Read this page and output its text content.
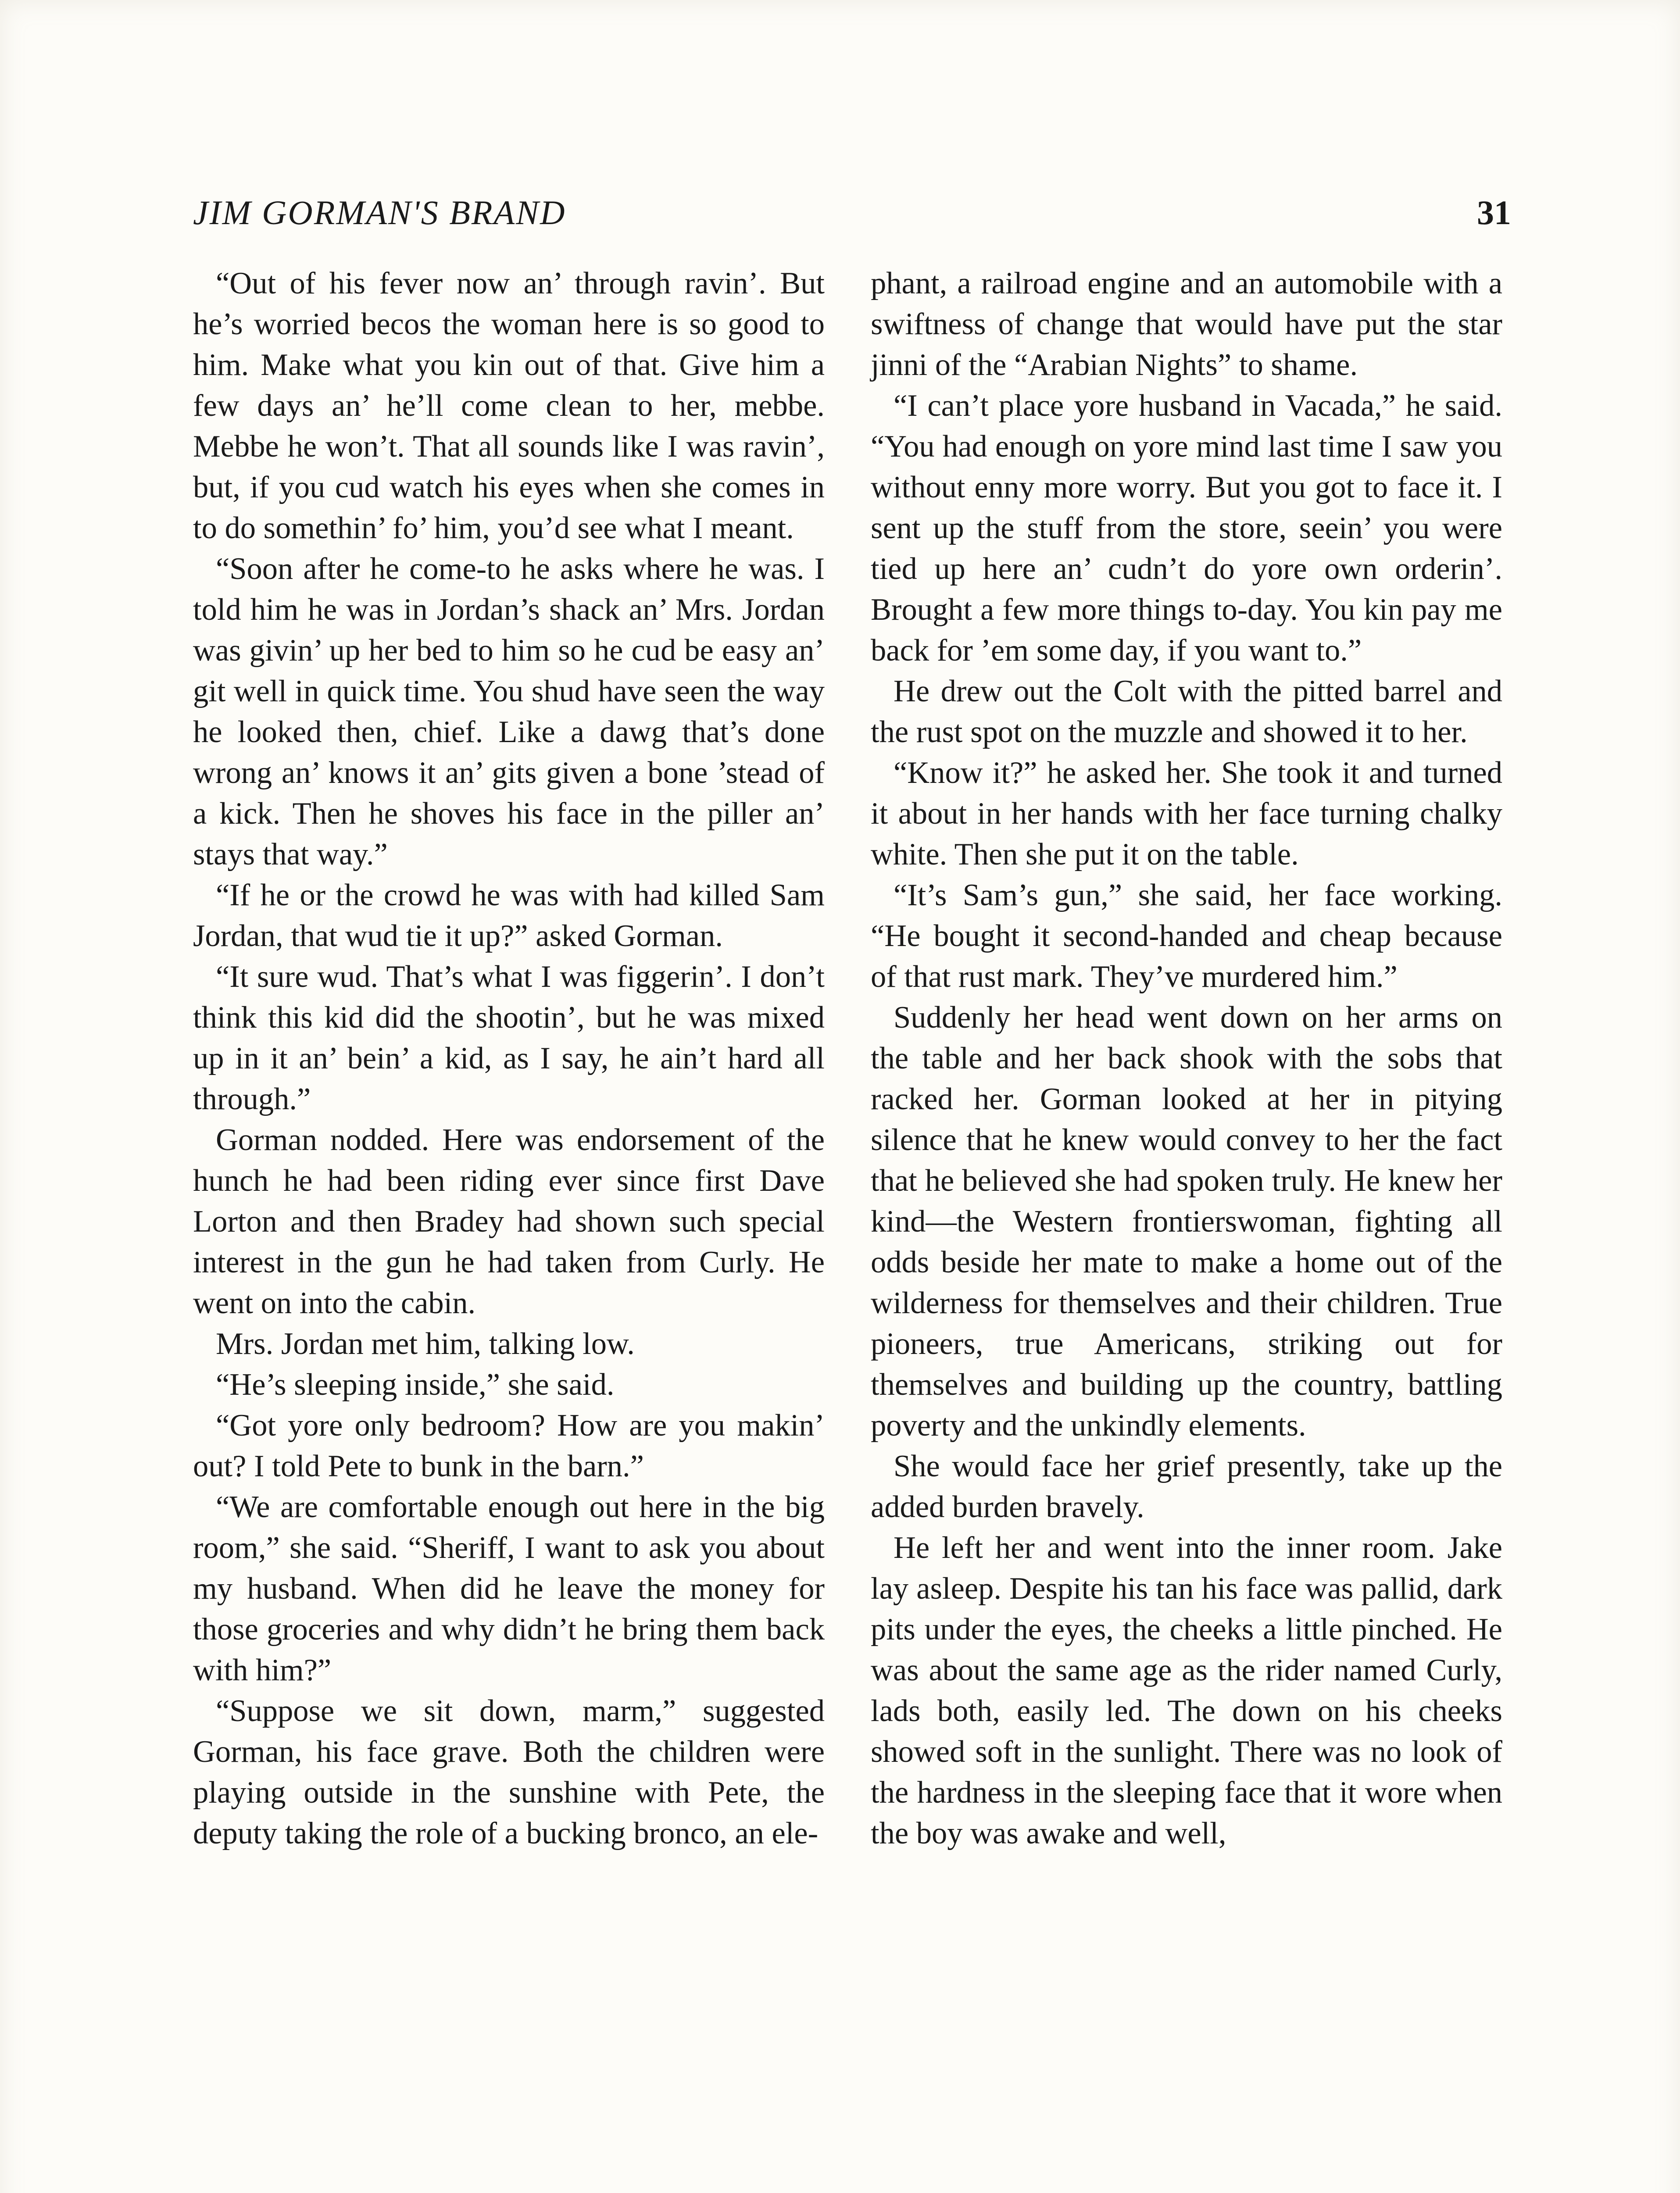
JIM GORMAN'S BRAND	31

“Out of his fever now an’ through ravin’. But he’s worried becos the woman here is so good to him. Make what you kin out of that. Give him a few days an’ he’ll come clean to her, mebbe. Mebbe he won’t. That all sounds like I was ravin’, but, if you cud watch his eyes when she comes in to do somethin’ fo’ him, you’d see what I meant.

“Soon after he come-to he asks where he was. I told him he was in Jordan’s shack an’ Mrs. Jordan was givin’ up her bed to him so he cud be easy an’ git well in quick time. You shud have seen the way he looked then, chief. Like a dawg that’s done wrong an’ knows it an’ gits given a bone ’stead of a kick. Then he shoves his face in the piller an’ stays that way.”

“If he or the crowd he was with had killed Sam Jordan, that wud tie it up?” asked Gorman.

“It sure wud. That’s what I was figgerin’. I don’t think this kid did the shootin’, but he was mixed up in it an’ bein’ a kid, as I say, he ain’t hard all through.”

Gorman nodded. Here was endorsement of the hunch he had been riding ever since first Dave Lorton and then Bradey had shown such special interest in the gun he had taken from Curly. He went on into the cabin.

Mrs. Jordan met him, talking low.

“He’s sleeping inside,” she said.

“Got yore only bedroom? How are you makin’ out? I told Pete to bunk in the barn.”

“We are comfortable enough out here in the big room,” she said. “Sheriff, I want to ask you about my husband. When did he leave the money for those groceries and why didn’t he bring them back with him?”

“Suppose we sit down, marm,” suggested Gorman, his face grave. Both the children were playing outside in the sunshine with Pete, the deputy taking the role of a bucking bronco, an ele-

phant, a railroad engine and an automobile with a swiftness of change that would have put the star jinni of the “Arabian Nights” to shame.

“I can’t place yore husband in Vacada,” he said. “You had enough on yore mind last time I saw you without enny more worry. But you got to face it. I sent up the stuff from the store, seein’ you were tied up here an’ cudn’t do yore own orderin’. Brought a few more things to-day. You kin pay me back for ’em some day, if you want to.”

He drew out the Colt with the pitted barrel and the rust spot on the muzzle and showed it to her.

“Know it?” he asked her. She took it and turned it about in her hands with her face turning chalky white. Then she put it on the table.

“It’s Sam’s gun,” she said, her face working. “He bought it second-handed and cheap because of that rust mark. They’ve murdered him.”

Suddenly her head went down on her arms on the table and her back shook with the sobs that racked her. Gorman looked at her in pitying silence that he knew would convey to her the fact that he believed she had spoken truly. He knew her kind—the Western frontierswoman, fighting all odds beside her mate to make a home out of the wilderness for themselves and their children. True pioneers, true Americans, striking out for themselves and building up the country, battling poverty and the unkindly elements.

She would face her grief presently, take up the added burden bravely.

He left her and went into the inner room. Jake lay asleep. Despite his tan his face was pallid, dark pits under the eyes, the cheeks a little pinched. He was about the same age as the rider named Curly, lads both, easily led. The down on his cheeks showed soft in the sunlight. There was no look of the hardness in the sleeping face that it wore when the boy was awake and well,
